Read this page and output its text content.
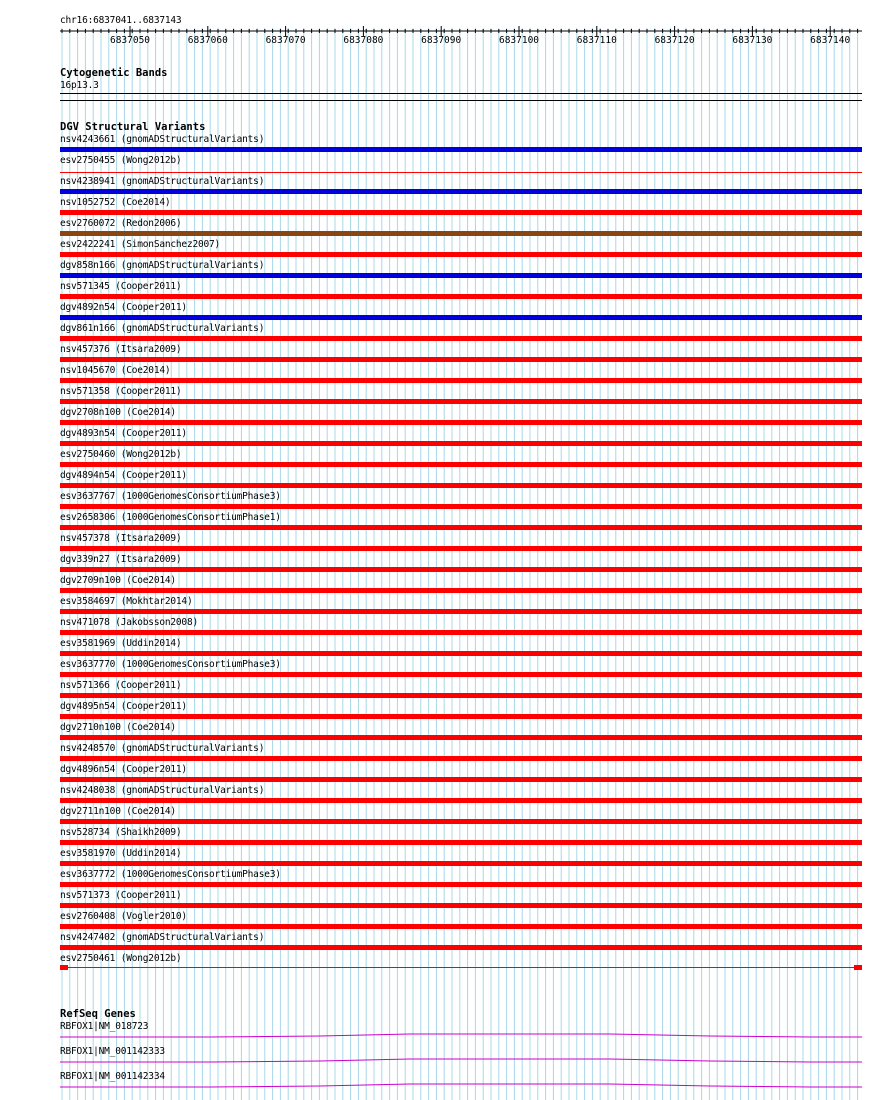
chr16:6837041..6837143
6837050	6837060	6837070	6837080	6837090	6837100	6837110	6837120	6837130	6837140
Cytogenetic Bands
16p13.3
DGV Structural Variants
nsv4243661 (gnomADStructuralVariants)
esv2750455 (Wong2012b)
nsv4238941 (gnomADStructuralVariants)
nsv1052752 (Coe2014)
esv2760072 (Redon2006)
esv2422241 (SimonSanchez2007)
dgv858n166 (gnomADStructuralVariants)
nsv571345 (Cooper2011)
dgv4892n54 (Cooper2011)
dgv861n166 (gnomADStructuralVariants)
nsv457376 (Itsara2009)
nsv1045670 (Coe2014)
nsv571358 (Cooper2011)
dgv2708n100 (Coe2014)
dgv4893n54 (Cooper2011)
esv2750460 (Wong2012b)
dgv4894n54 (Cooper2011)
esv3637767 (1000GenomesConsortiumPhase3)
esv2658306 (1000GenomesConsortiumPhase1)
nsv457378 (Itsara2009)
dgv339n27 (Itsara2009)
dgv2709n100 (Coe2014)
esv3584697 (Mokhtar2014)
nsv471078 (Jakobsson2008)
esv3581969 (Uddin2014)
esv3637770 (1000GenomesConsortiumPhase3)
nsv571366 (Cooper2011)
dgv4895n54 (Cooper2011)
dgv2710n100 (Coe2014)
nsv4248570 (gnomADStructuralVariants)
dgv4896n54 (Cooper2011)
nsv4248038 (gnomADStructuralVariants)
dgv2711n100 (Coe2014)
nsv528734 (Shaikh2009)
esv3581970 (Uddin2014)
esv3637772 (1000GenomesConsortiumPhase3)
nsv571373 (Cooper2011)
esv2760408 (Vogler2010)
nsv4247402 (gnomADStructuralVariants)
esv2750461 (Wong2012b)
RefSeq Genes
RBFOX1|NM_018723
RBFOX1|NM_001142333
RBFOX1|NM_001142334
